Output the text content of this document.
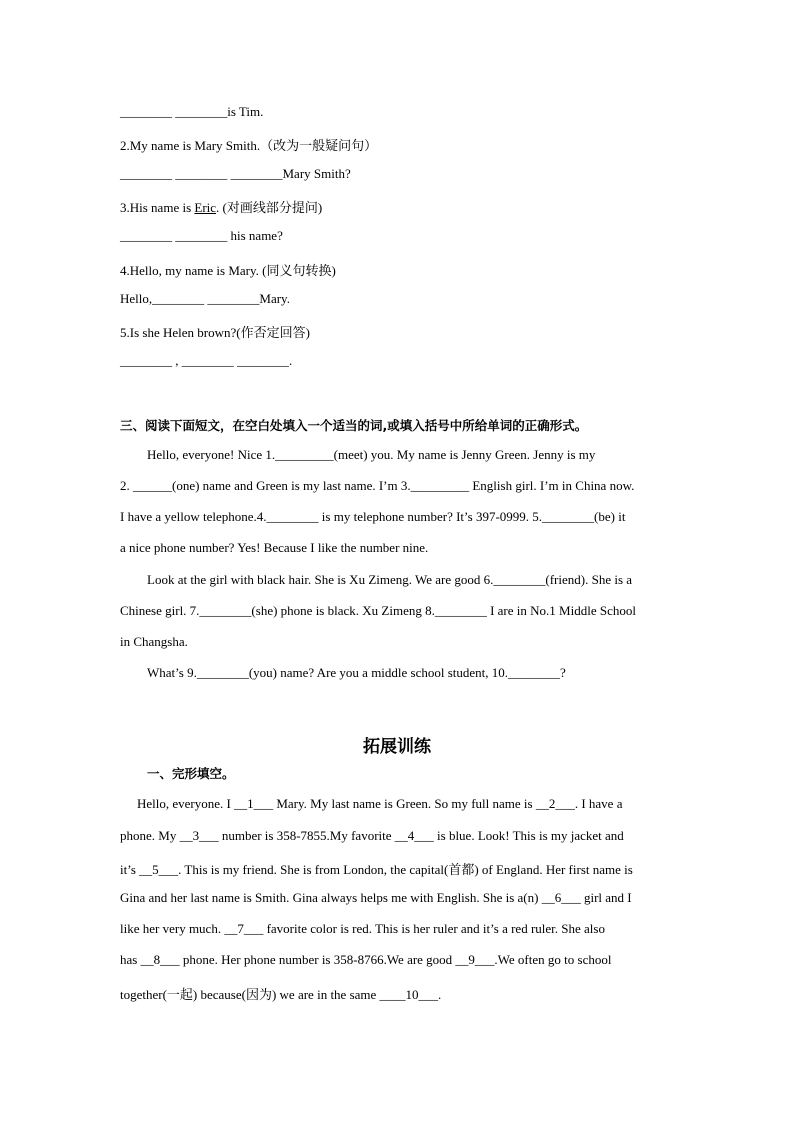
________ ________is Tim.
2.My name is Mary Smith.（改为一般疑问句）
________ ________ ________Mary Smith?
3.His name is Eric. (对画线部分提问)
________ ________ his name?
4.Hello, my name is Mary. (同义句转换)
Hello,________ ________Mary.
5.Is she Helen brown?(作否定回答)
________ , ________ ________.
三、阅读下面短文，在空白处填入一个适当的词,或填入括号中所给单词的正确形式。
Hello, everyone! Nice 1._________(meet) you. My name is Jenny Green. Jenny is my
2. ______(one) name and Green is my last name. I’m 3._________ English girl. I’m in China now.
I have a yellow telephone.4.________ is my telephone number? It’s 397-0999. 5.________(be) it
a nice phone number? Yes! Because I like the number nine.
Look at the girl with black hair. She is Xu Zimeng. We are good 6.________(friend). She is a
Chinese girl. 7.________(she) phone is black. Xu Zimeng 8.________ I are in No.1 Middle School
in Changsha.
What’s 9.________(you) name? Are you a middle school student, 10.________?
拓展训练
一、完形填空。
Hello, everyone. I __1___ Mary. My last name is Green. So my full name is __2___. I have a
phone. My __3___ number is 358-7855.My favorite __4___ is blue. Look! This is my jacket and
it’s __5___. This is my friend. She is from London, the capital(首都) of England. Her first name is
Gina and her last name is Smith. Gina always helps me with English. She is a(n) __6___ girl and I
like her very much. __7___ favorite color is red. This is her ruler and it’s a red ruler. She also
has __8___ phone. Her phone number is 358-8766.We are good __9___.We often go to school
together(一起) because(因为) we are in the same ____10___.
